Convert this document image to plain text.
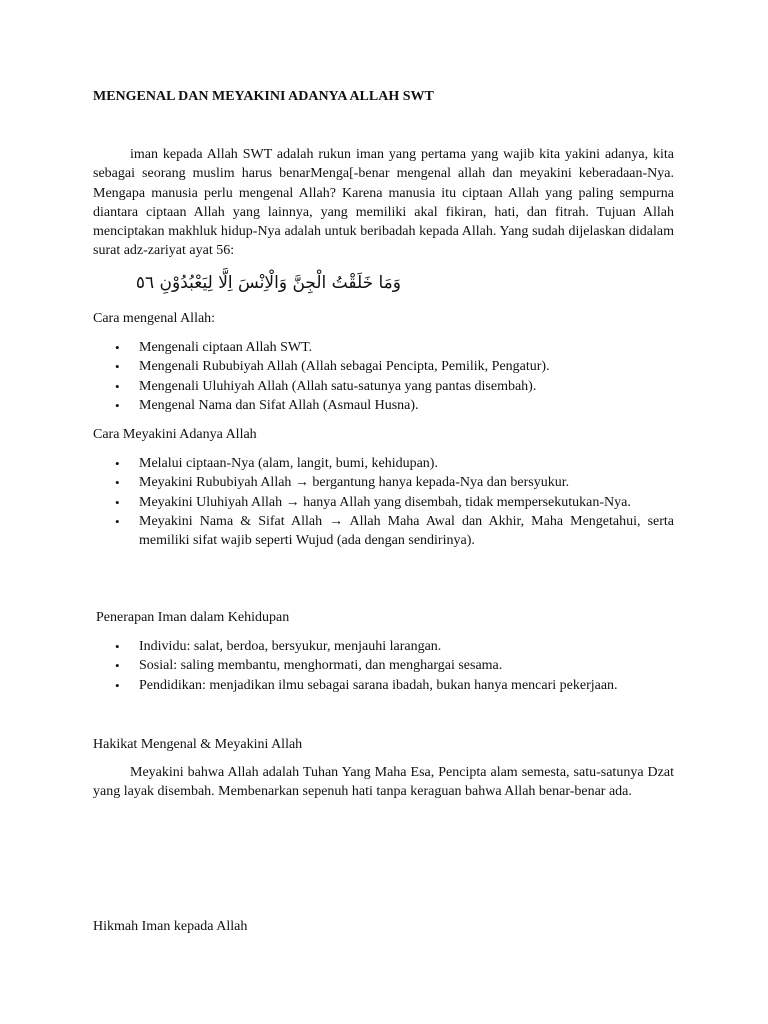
MENGENAL DAN MEYAKINI ADANYA ALLAH SWT

iman kepada Allah SWT adalah rukun iman yang pertama yang wajib kita yakini adanya, kita sebagai seorang muslim harus benarMenga[-benar mengenal allah dan meyakini keberadaan-Nya. Mengapa manusia perlu mengenal Allah? Karena manusia itu ciptaan Allah yang paling sempurna diantara ciptaan Allah yang lainnya, yang memiliki akal fikiran, hati, dan fitrah. Tujuan Allah menciptakan makhluk hidup-Nya adalah untuk beribadah kepada Allah. Yang sudah dijelaskan didalam surat adz-zariyat ayat 56:

وَمَا خَلَقْتُ الْجِنَّ وَالْاِنْسَ اِلَّا لِيَعْبُدُوْنِ ٥٦
Cara mengenal Allah:
• Mengenali ciptaan Allah SWT.
• Mengenali Rububiyah Allah (Allah sebagai Pencipta, Pemilik, Pengatur).
• Mengenali Uluhiyah Allah (Allah satu-satunya yang pantas disembah).
• Mengenal Nama dan Sifat Allah (Asmaul Husna).
Cara Meyakini Adanya Allah
• Melalui ciptaan-Nya (alam, langit, bumi, kehidupan).
• Meyakini Rububiyah Allah → bergantung hanya kepada-Nya dan bersyukur.
• Meyakini Uluhiyah Allah → hanya Allah yang disembah, tidak mempersekutukan-Nya.
• Meyakini Nama & Sifat Allah → Allah Maha Awal dan Akhir, Maha Mengetahui, serta memiliki sifat wajib seperti Wujud (ada dengan sendirinya).
Penerapan Iman dalam Kehidupan
• Individu: salat, berdoa, bersyukur, menjauhi larangan.
• Sosial: saling membantu, menghormati, dan menghargai sesama.
• Pendidikan: menjadikan ilmu sebagai sarana ibadah, bukan hanya mencari pekerjaan.
Hakikat Mengenal & Meyakini Allah

Meyakini bahwa Allah adalah Tuhan Yang Maha Esa, Pencipta alam semesta, satu-satunya Dzat yang layak disembah. Membenarkan sepenuh hati tanpa keraguan bahwa Allah benar-benar ada.

Hikmah Iman kepada Allah
